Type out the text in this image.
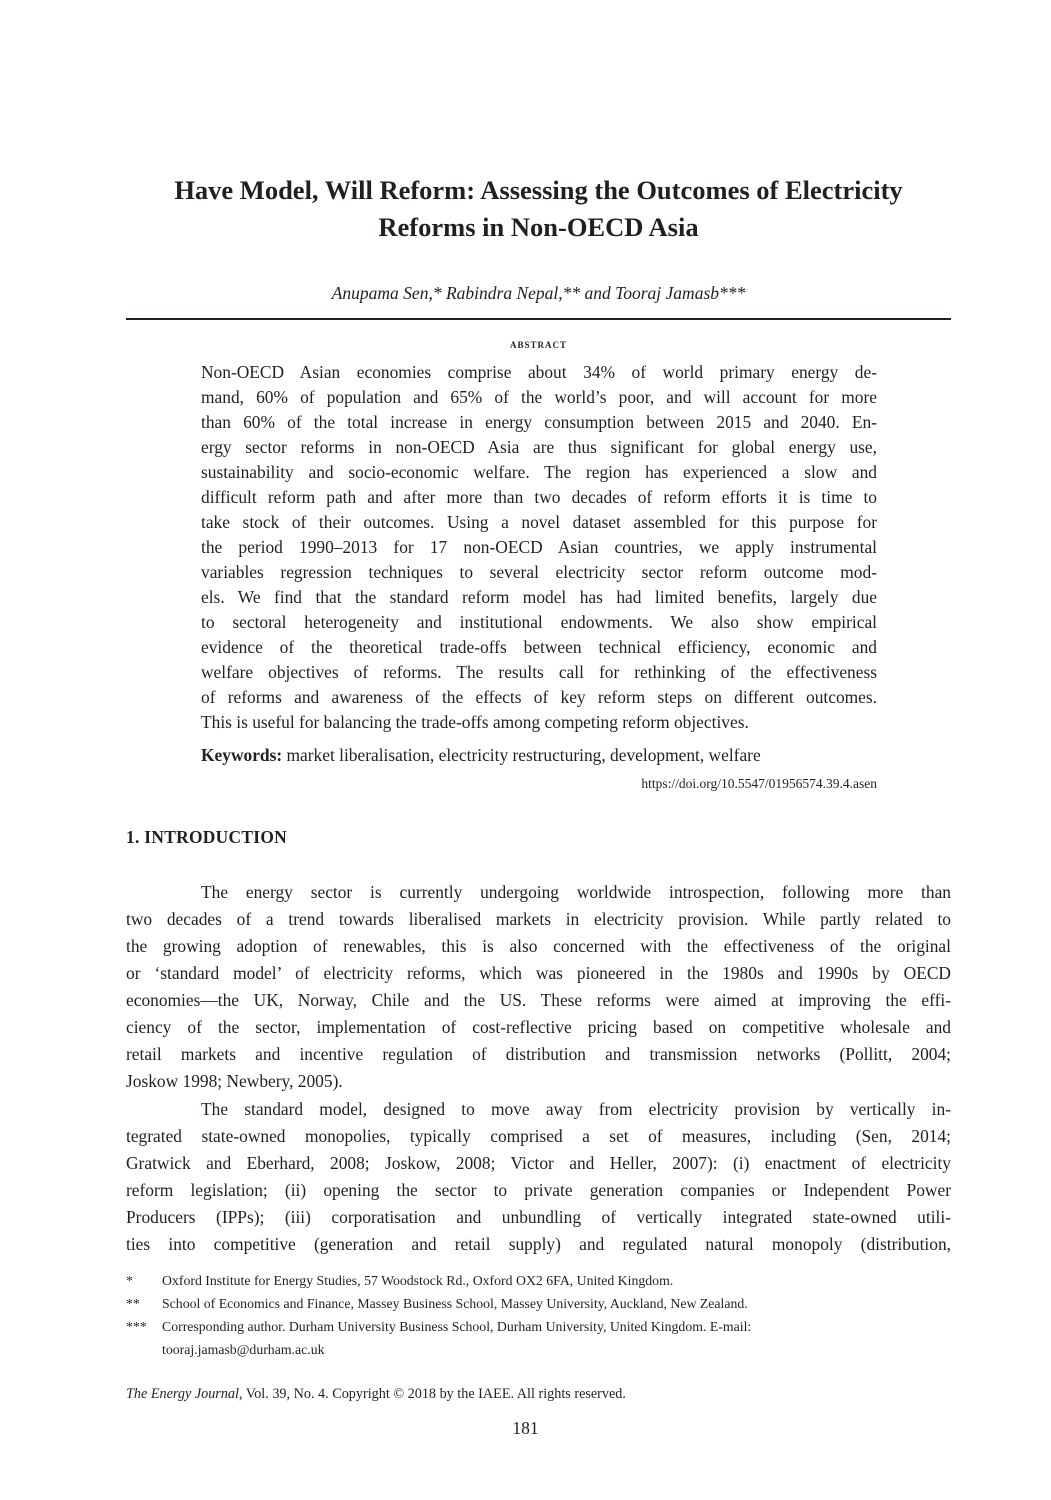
Have Model, Will Reform: Assessing the Outcomes of Electricity
Reforms in Non-OECD Asia
Anupama Sen,* Rabindra Nepal,** and Tooraj Jamasb***
abstract
Non-OECD Asian economies comprise about 34% of world primary energy de-
mand, 60% of population and 65% of the world’s poor, and will account for more
than 60% of the total increase in energy consumption between 2015 and 2040. En-
ergy sector reforms in non-OECD Asia are thus significant for global energy use,
sustainability and socio-economic welfare. The region has experienced a slow and
difficult reform path and after more than two decades of reform efforts it is time to
take stock of their outcomes. Using a novel dataset assembled for this purpose for
the period 1990–2013 for 17 non-OECD Asian countries, we apply instrumental
variables regression techniques to several electricity sector reform outcome mod-
els. We find that the standard reform model has had limited benefits, largely due
to sectoral heterogeneity and institutional endowments. We also show empirical
evidence of the theoretical trade-offs between technical efficiency, economic and
welfare objectives of reforms. The results call for rethinking of the effectiveness
of reforms and awareness of the effects of key reform steps on different outcomes.
This is useful for balancing the trade-offs among competing reform objectives.
Keywords: market liberalisation, electricity restructuring, development, welfare
https://doi.org/10.5547/01956574.39.4.asen
1. INTRODUCTION
The energy sector is currently undergoing worldwide introspection, following more than
two decades of a trend towards liberalised markets in electricity provision. While partly related to
the growing adoption of renewables, this is also concerned with the effectiveness of the original
or ‘standard model’ of electricity reforms, which was pioneered in the 1980s and 1990s by OECD
economies—the UK, Norway, Chile and the US. These reforms were aimed at improving the effi-
ciency of the sector, implementation of cost-reflective pricing based on competitive wholesale and
retail markets and incentive regulation of distribution and transmission networks (Pollitt, 2004;
Joskow 1998; Newbery, 2005).
The standard model, designed to move away from electricity provision by vertically in-
tegrated state-owned monopolies, typically comprised a set of measures, including (Sen, 2014;
Gratwick and Eberhard, 2008; Joskow, 2008; Victor and Heller, 2007): (i) enactment of electricity
reform legislation; (ii) opening the sector to private generation companies or Independent Power
Producers (IPPs); (iii) corporatisation and unbundling of vertically integrated state-owned utili-
ties into competitive (generation and retail supply) and regulated natural monopoly (distribution,
* Oxford Institute for Energy Studies, 57 Woodstock Rd., Oxford OX2 6FA, United Kingdom.
** School of Economics and Finance, Massey Business School, Massey University, Auckland, New Zealand.
*** Corresponding author. Durham University Business School, Durham University, United Kingdom. E-mail:
tooraj.jamasb@durham.ac.uk
The Energy Journal, Vol. 39, No. 4. Copyright © 2018 by the IAEE. All rights reserved.
181
